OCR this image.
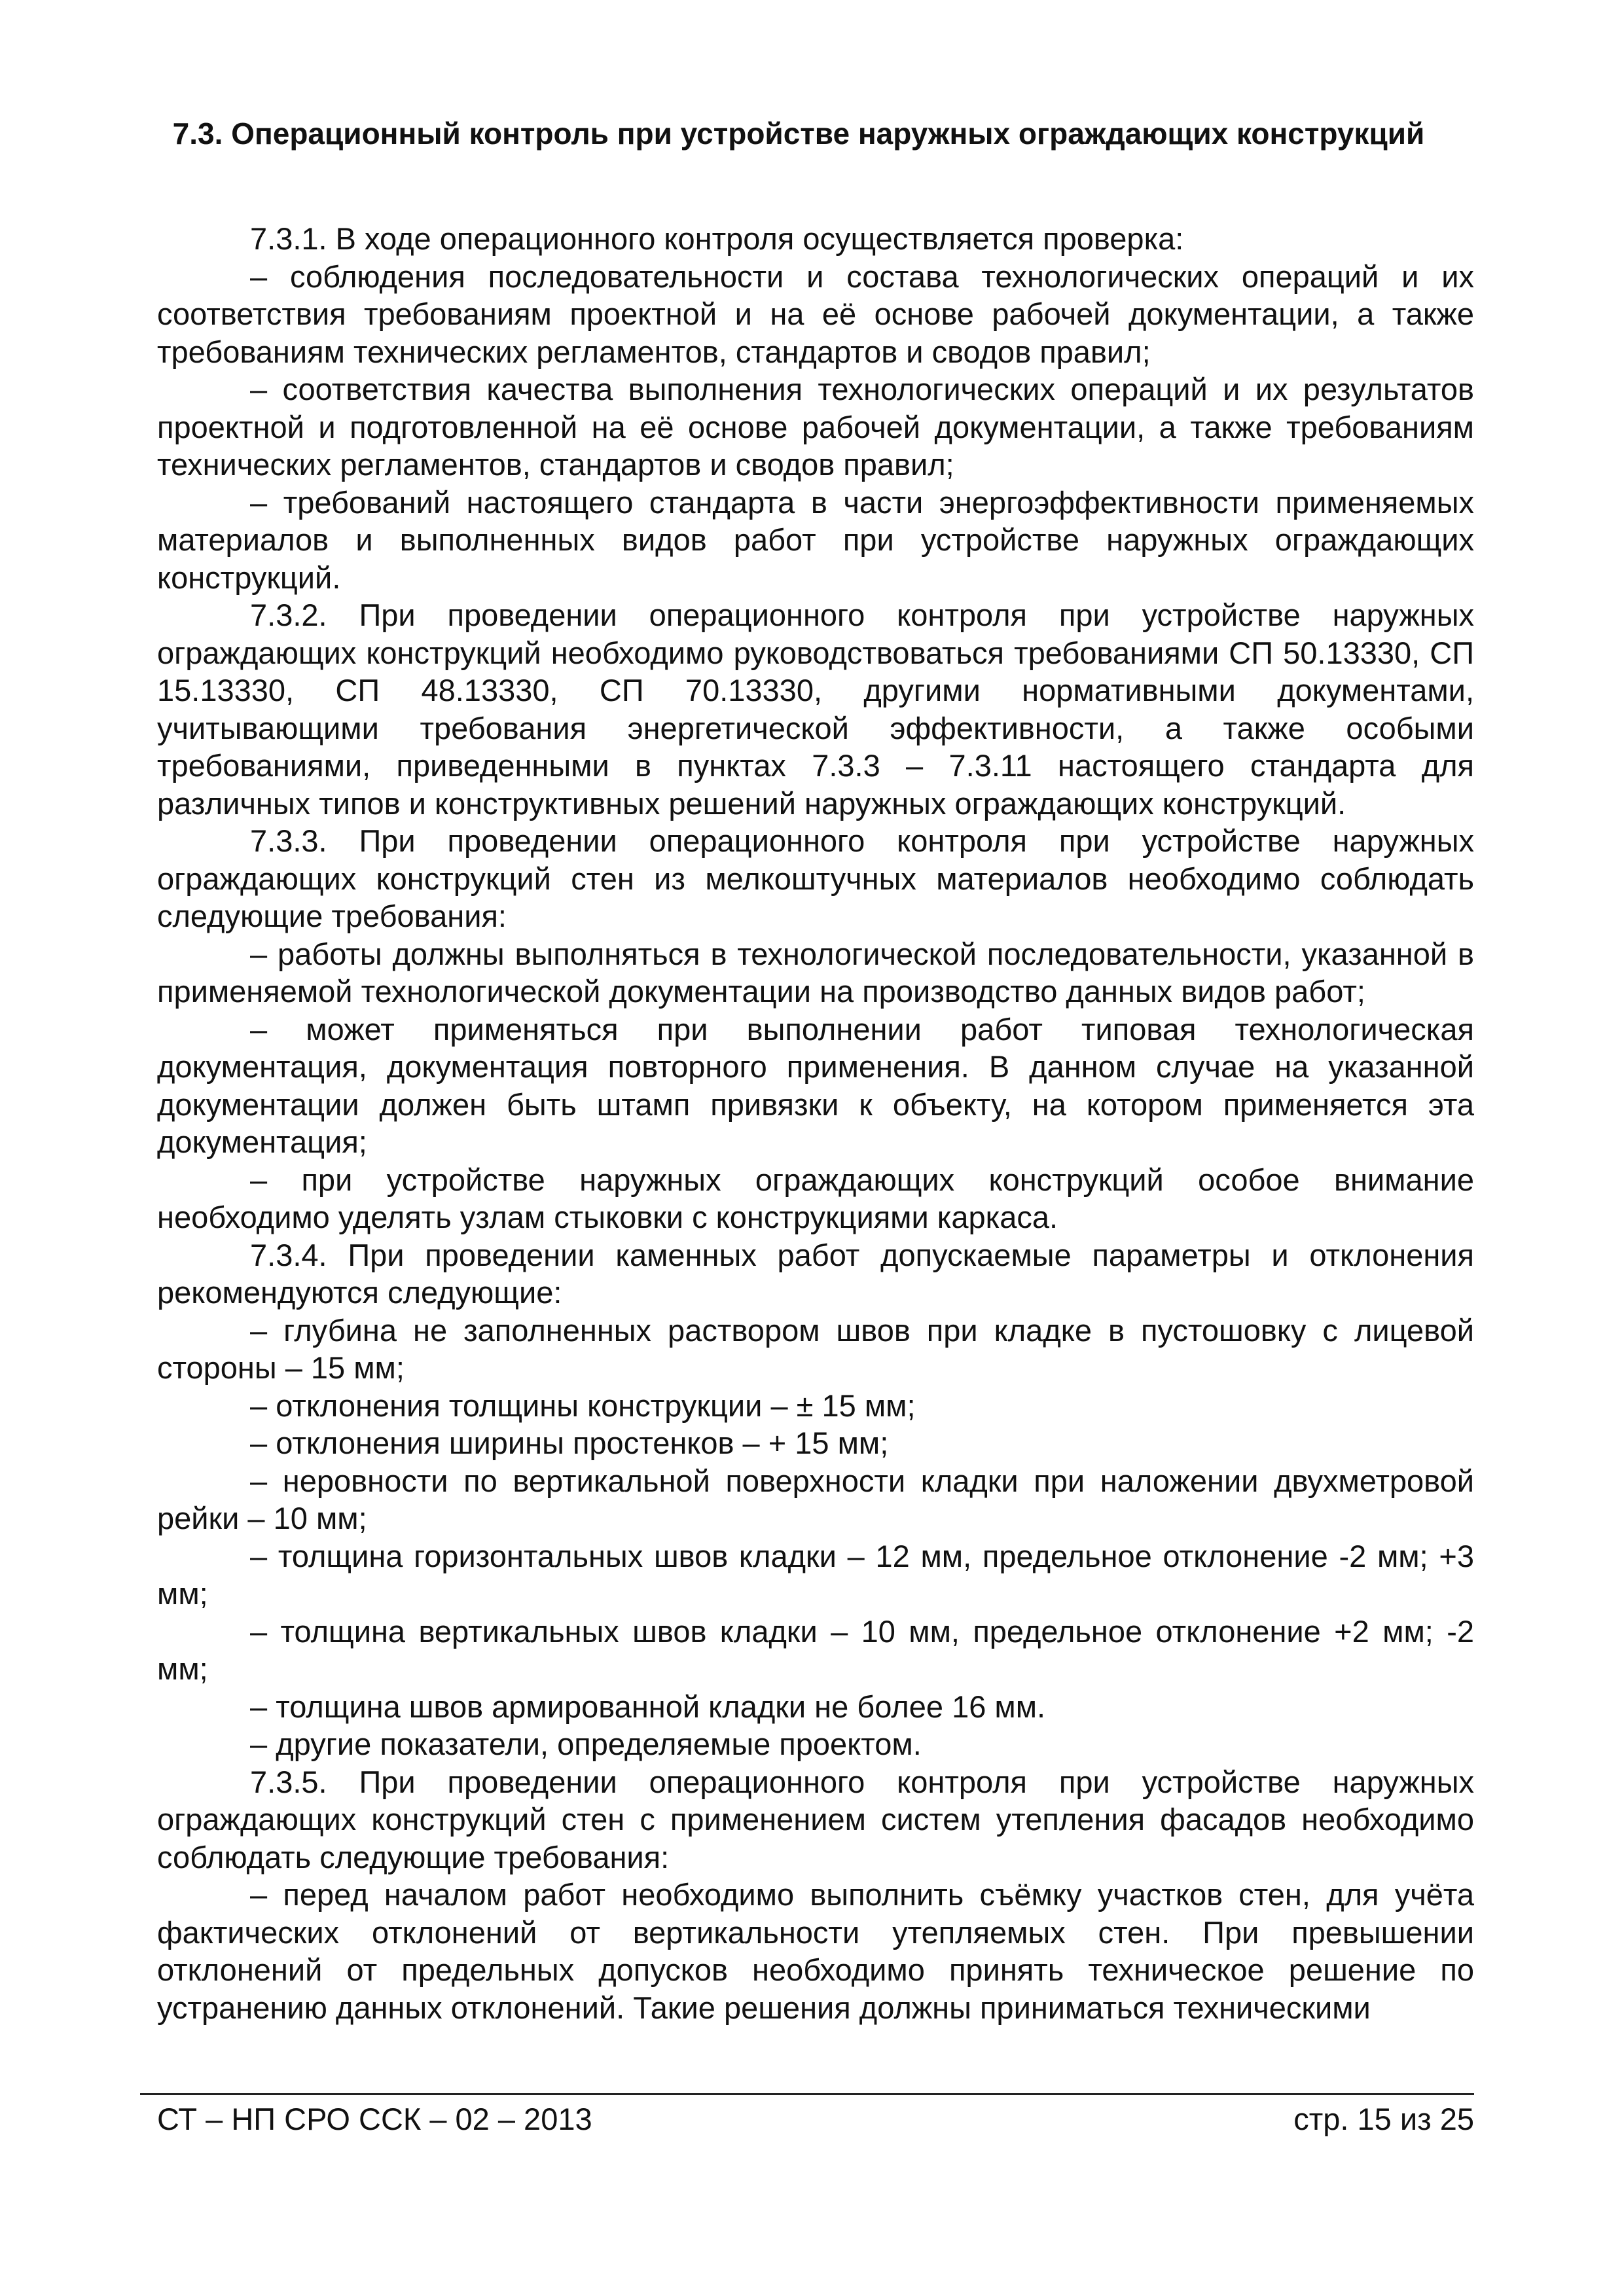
7.3. Операционный контроль при устройстве наружных ограждающих конструкций

7.3.1. В ходе операционного контроля осуществляется проверка:

– соблюдения последовательности и состава технологических операций и их соответствия требованиям проектной и на её основе рабочей документации, а также требованиям технических регламентов, стандартов и сводов правил;

– соответствия качества выполнения технологических операций и их результатов проектной и подготовленной на её основе рабочей документации, а также требованиям технических регламентов, стандартов и сводов правил;

– требований настоящего стандарта в части энергоэффективности применяемых материалов и выполненных видов работ при устройстве наружных ограждающих конструкций.

7.3.2. При проведении операционного контроля при устройстве наружных ограждающих конструкций необходимо руководствоваться требованиями СП 50.13330, СП 15.13330, СП 48.13330, СП 70.13330, другими нормативными документами, учитывающими требования энергетической эффективности, а также особыми требованиями, приведенными в пунктах 7.3.3 – 7.3.11 настоящего стандарта для различных типов и конструктивных решений наружных ограждающих конструкций.

7.3.3. При проведении операционного контроля при устройстве наружных ограждающих конструкций стен из мелкоштучных материалов необходимо соблюдать следующие требования:

– работы должны выполняться в технологической последовательности, указанной в применяемой технологической документации на производство данных видов работ;

– может применяться при выполнении работ типовая технологическая документация, документация повторного применения. В данном случае на указанной документации должен быть штамп привязки к объекту, на котором применяется эта документация;

– при устройстве наружных ограждающих конструкций особое внимание необходимо уделять узлам стыковки с конструкциями каркаса.

7.3.4. При проведении каменных работ допускаемые параметры и отклонения рекомендуются следующие:

– глубина не заполненных раствором швов при кладке в пустошовку с лицевой стороны – 15 мм;

– отклонения толщины конструкции – ± 15 мм;

– отклонения ширины простенков – + 15 мм;

– неровности по вертикальной поверхности кладки при наложении двухметровой рейки – 10 мм;

– толщина горизонтальных швов кладки – 12 мм, предельное отклонение -2 мм; +3 мм;

– толщина вертикальных швов кладки – 10 мм, предельное отклонение +2 мм; -2 мм;

– толщина швов армированной кладки не более 16 мм.

– другие показатели, определяемые проектом.

7.3.5. При проведении операционного контроля при устройстве наружных ограждающих конструкций стен с применением систем утепления фасадов необходимо соблюдать следующие требования:

– перед началом работ необходимо выполнить съёмку участков стен, для учёта фактических отклонений от вертикальности утепляемых стен. При превышении отклонений от предельных допусков необходимо принять техническое решение по устранению данных отклонений. Такие решения должны приниматься техническими

СТ – НП СРО ССК – 02 – 2013	стр. 15 из 25
